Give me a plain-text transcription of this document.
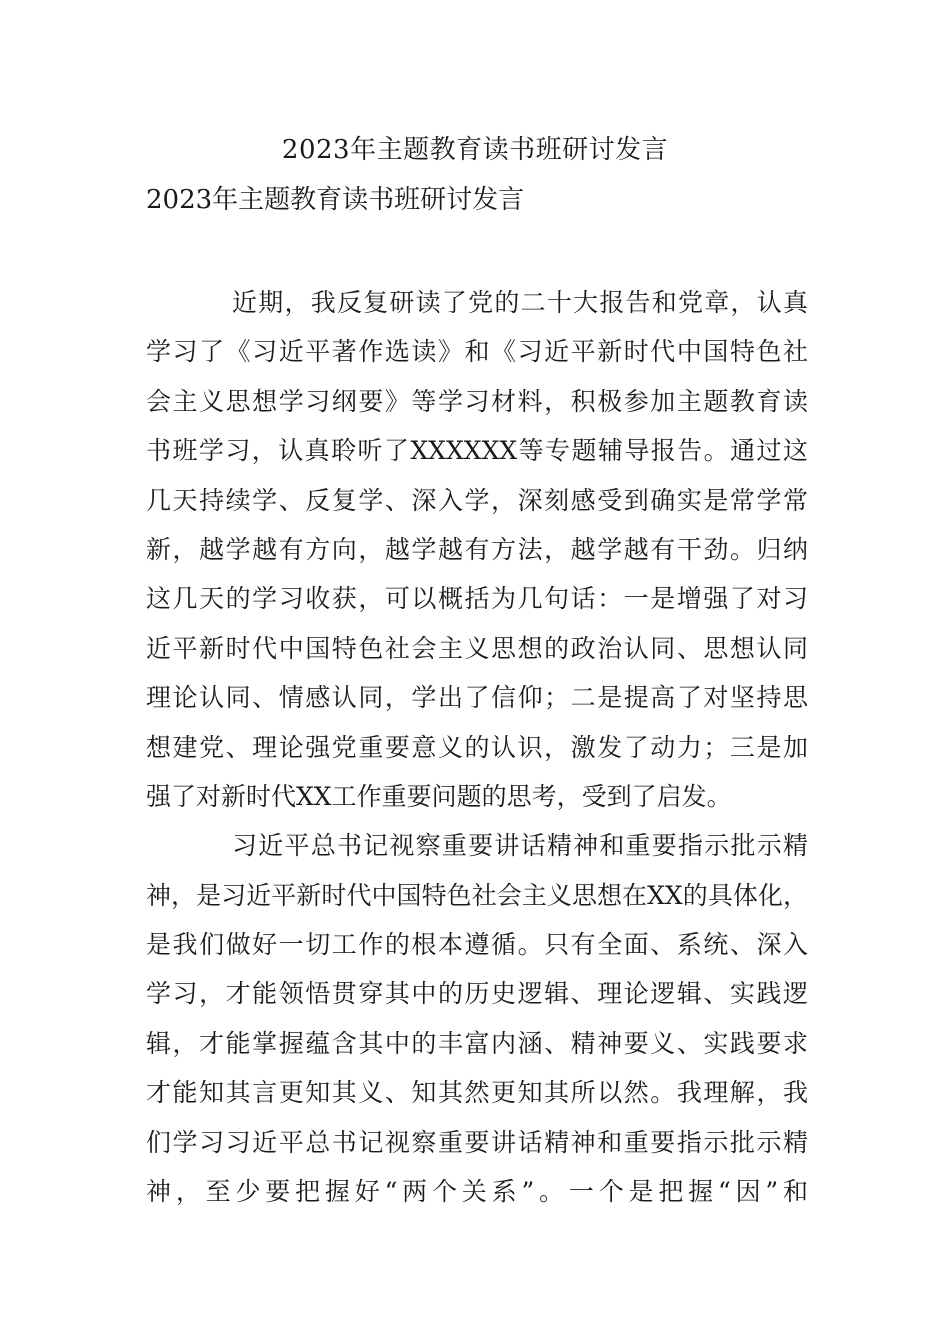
2023年主题教育读书班研讨发言
2023年主题教育读书班研讨发言
近期，我反复研读了党的二十大报告和党章，认真
学习了《习近平著作选读》和《习近平新时代中国特色社
会主义思想学习纲要》等学习材料，积极参加主题教育读
书班学习，认真聆听了XXXXXX等专题辅导报告。通过这
几天持续学、反复学、深入学，深刻感受到确实是常学常
新，越学越有方向，越学越有方法，越学越有干劲。归纳
这几天的学习收获，可以概括为几句话：一是增强了对习
近平新时代中国特色社会主义思想的政治认同、思想认同
理论认同、情感认同，学出了信仰；二是提高了对坚持思
想建党、理论强党重要意义的认识，激发了动力；三是加
强了对新时代XX工作重要问题的思考，受到了启发。
习近平总书记视察重要讲话精神和重要指示批示精
神，是习近平新时代中国特色社会主义思想在XX的具体化，
是我们做好一切工作的根本遵循。只有全面、系统、深入
学习，才能领悟贯穿其中的历史逻辑、理论逻辑、实践逻
辑，才能掌握蕴含其中的丰富内涵、精神要义、实践要求
才能知其言更知其义、知其然更知其所以然。我理解，我
们学习习近平总书记视察重要讲话精神和重要指示批示精
神，至少要把握好“两个关系”。一个是把握“因”和
